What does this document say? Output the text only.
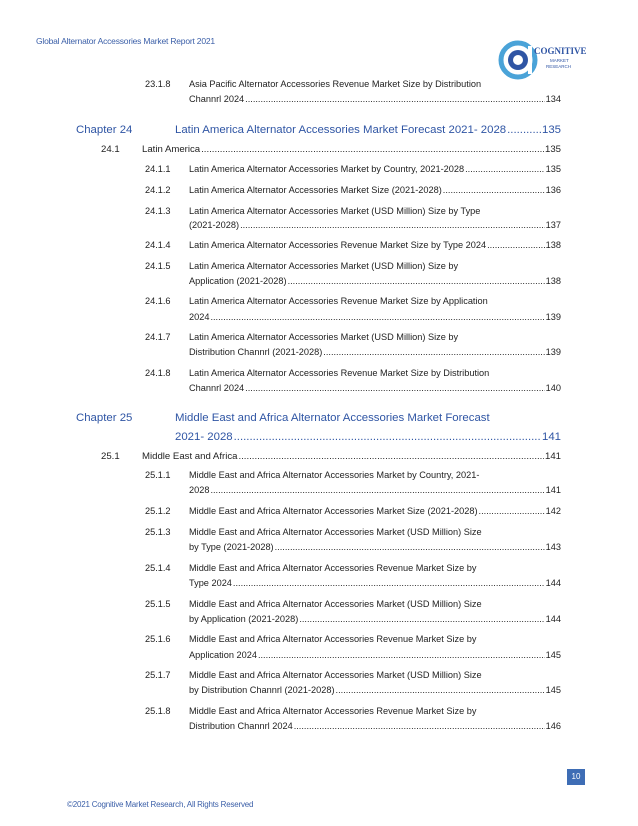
Global Alternator Accessories Market Report 2021
COGNITIVE
MARKET
RESEARCH
23.1.8 Asia Pacific Alternator Accessories Revenue Market Size by Distribution
Channrl 2024 .....	134
Chapter 24	Latin America Alternator Accessories Market Forecast 2021- 2028 .....	135
24.1 Latin America .....	135
24.1.1 Latin America Alternator Accessories Market by Country, 2021-2028 .....	135
24.1.2 Latin America Alternator Accessories Market Size (2021-2028) .....	136
24.1.3 Latin America Alternator Accessories Market (USD Million) Size by Type
(2021-2028) .....	137
24.1.4 Latin America Alternator Accessories Revenue Market Size by Type 2024 .....	138
24.1.5 Latin America Alternator Accessories Market (USD Million) Size by
Application (2021-2028) .....	138
24.1.6 Latin America Alternator Accessories Revenue Market Size by Application
2024 .....	139
24.1.7 Latin America Alternator Accessories Market (USD Million) Size by
Distribution Channrl (2021-2028) .....	139
24.1.8 Latin America Alternator Accessories Revenue Market Size by Distribution
Channrl 2024 .....	140
Chapter 25	Middle East and Africa Alternator Accessories Market Forecast
2021- 2028 .....	141
25.1 Middle East and Africa .....	141
25.1.1 Middle East and Africa Alternator Accessories Market by Country, 2021-
2028 .....	141
25.1.2 Middle East and Africa Alternator Accessories Market Size (2021-2028) .....	142
25.1.3 Middle East and Africa Alternator Accessories Market (USD Million) Size
by Type (2021-2028) .....	143
25.1.4 Middle East and Africa Alternator Accessories Revenue Market Size by
Type 2024 .....	144
25.1.5 Middle East and Africa Alternator Accessories Market (USD Million) Size
by Application (2021-2028) .....	144
25.1.6 Middle East and Africa Alternator Accessories Revenue Market Size by
Application 2024 .....	145
25.1.7 Middle East and Africa Alternator Accessories Market (USD Million) Size
by Distribution Channrl (2021-2028) .....	145
25.1.8 Middle East and Africa Alternator Accessories Revenue Market Size by
Distribution Channrl 2024 .....	146
10
©2021 Cognitive Market Research, All Rights Reserved
